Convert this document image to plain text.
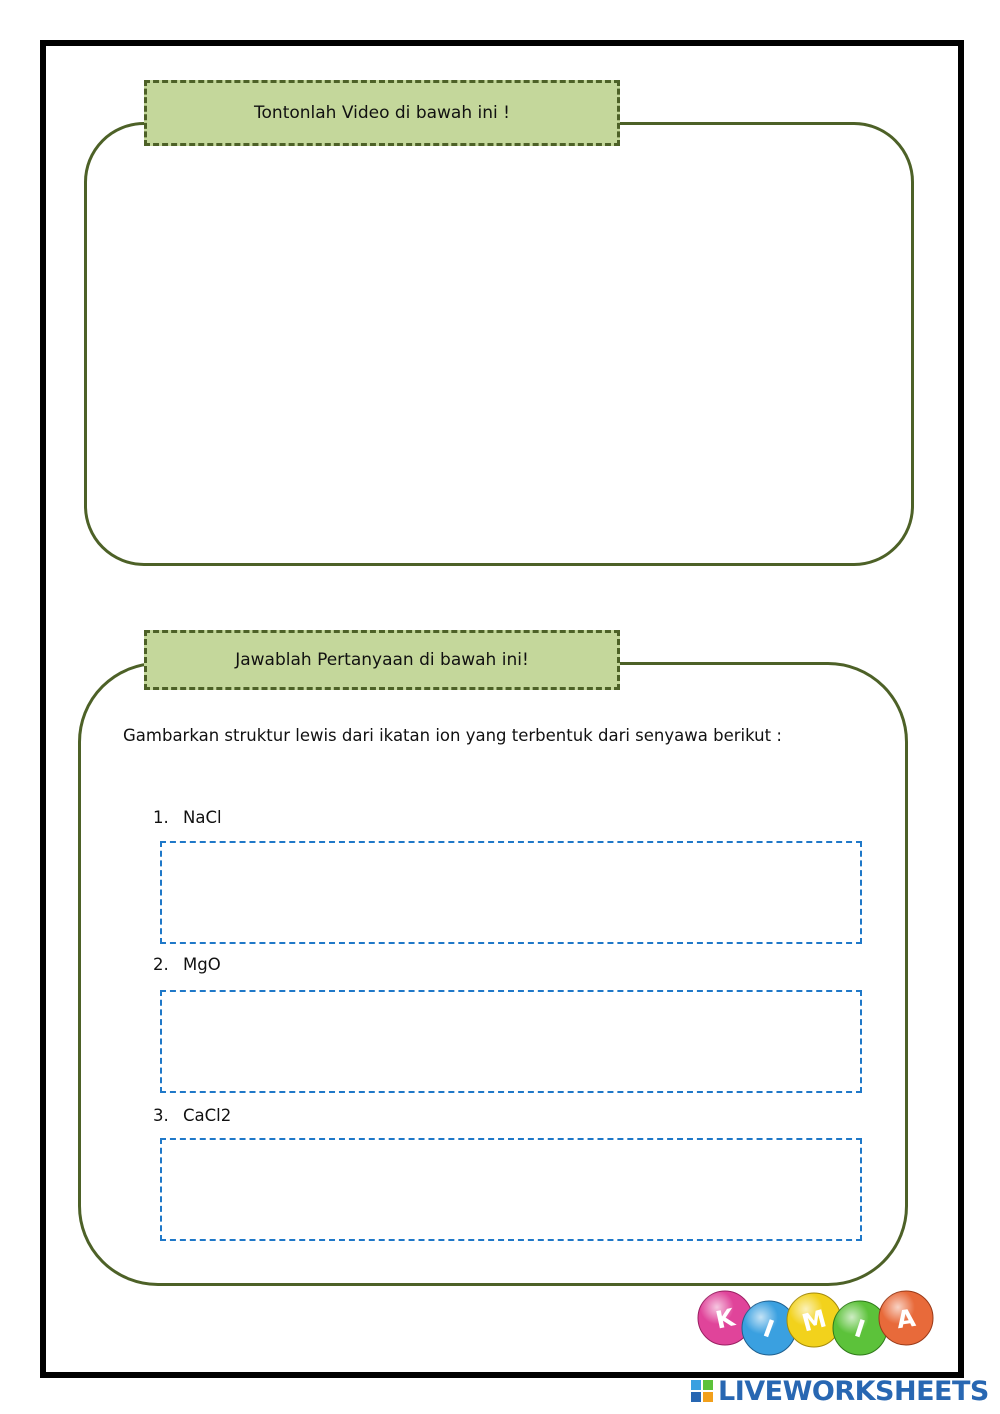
Tontonlah Video di bawah ini !
Jawablah Pertanyaan di bawah ini!
Gambarkan struktur lewis dari ikatan ion yang terbentuk dari senyawa berikut :
1. NaCl
2. MgO
3. CaCl2
K I M I A
LIVEWORKSHEETS
